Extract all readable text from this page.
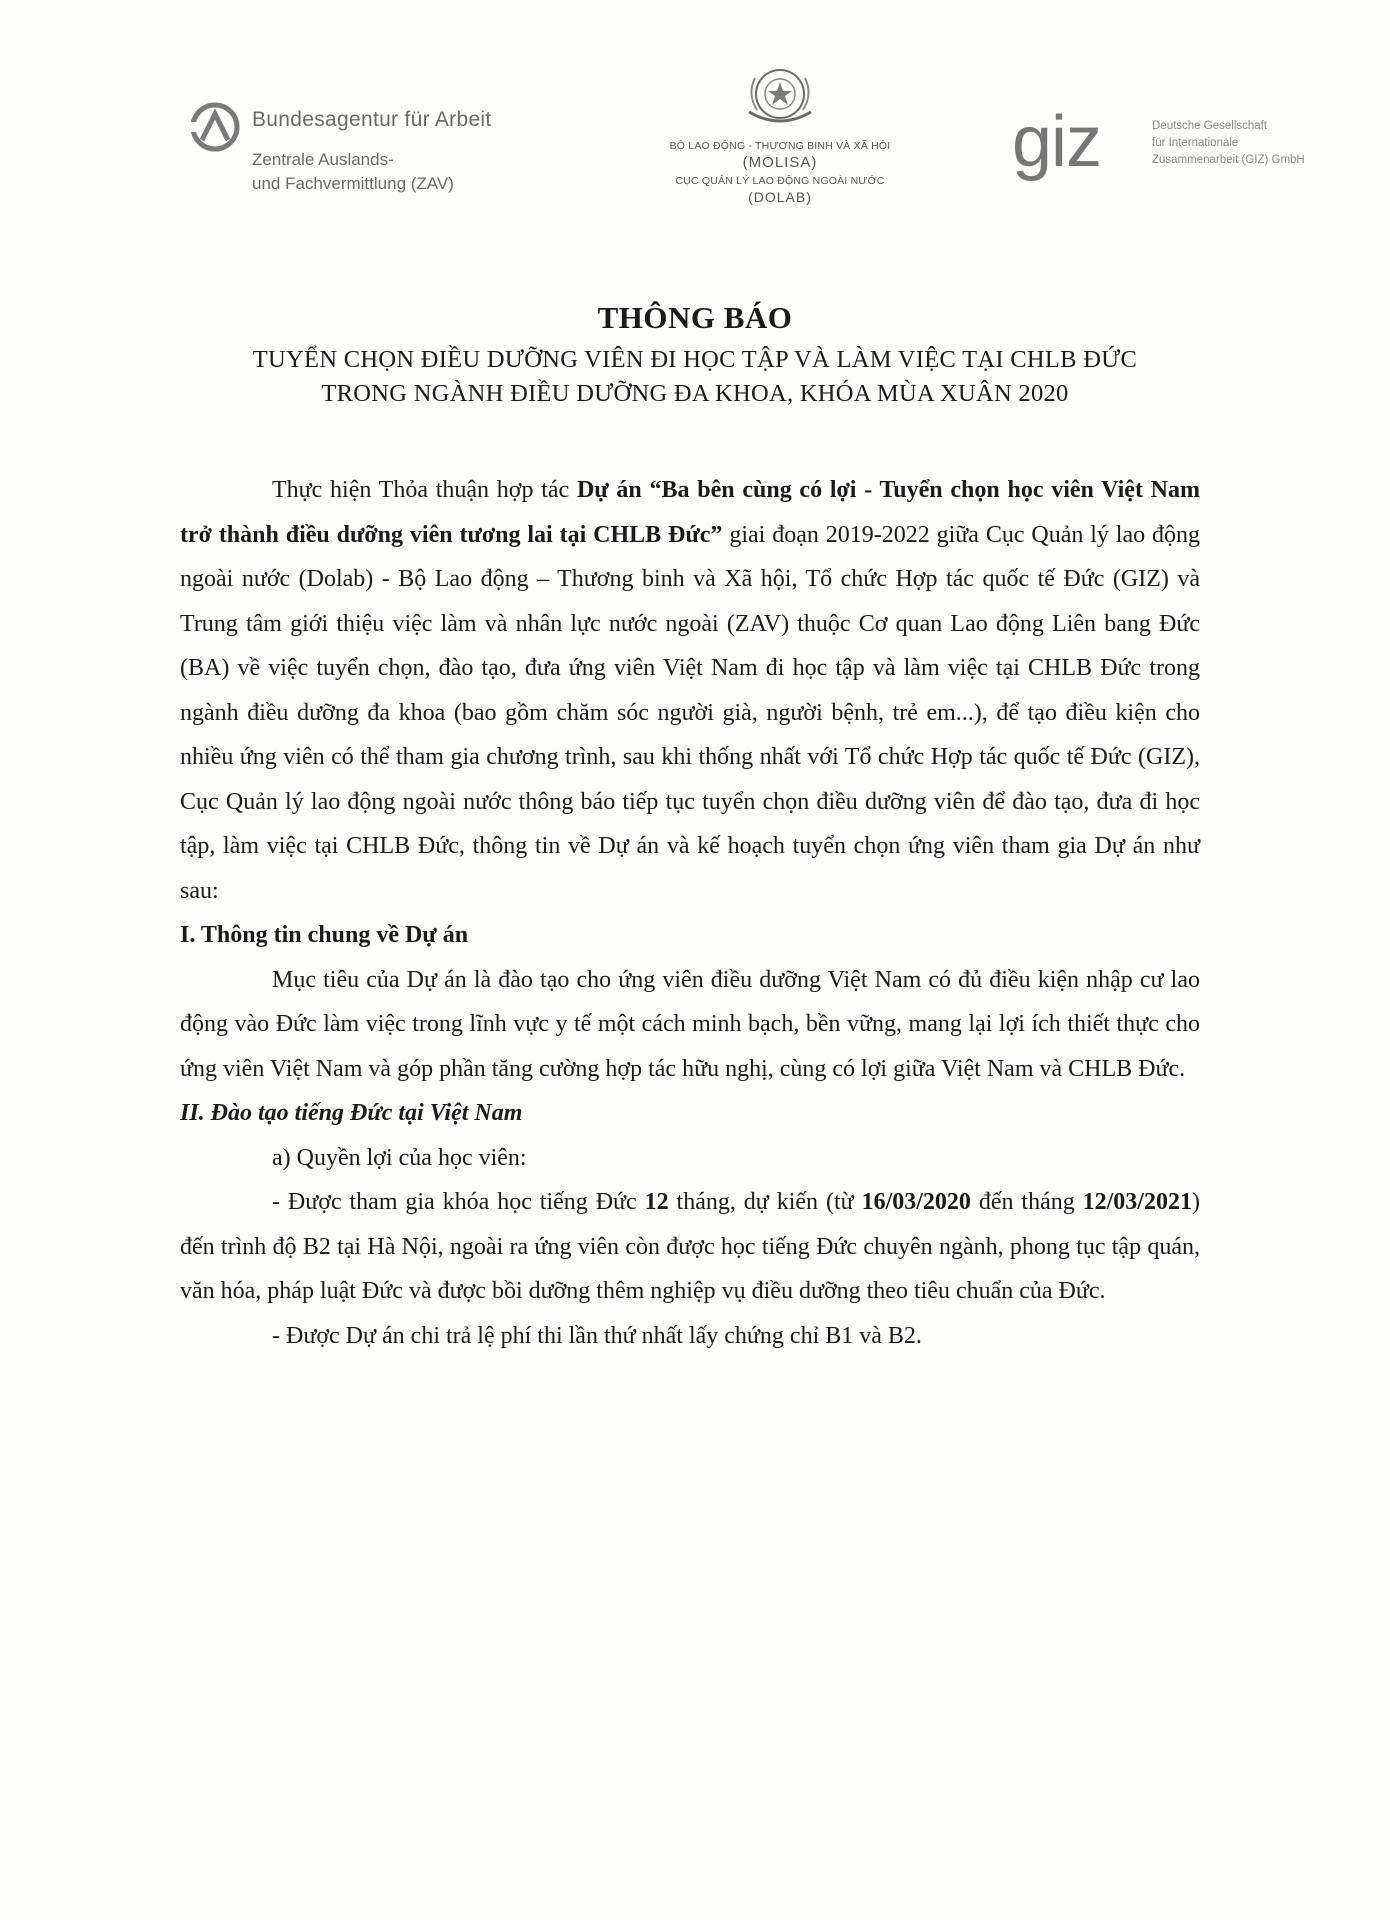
Bundesagentur für Arbeit
Zentrale Auslands-
und Fachvermittlung (ZAV)
BỘ LAO ĐỘNG - THƯƠNG BINH VÀ XÃ HỘI
(MOLISA)
CỤC QUẢN LÝ LAO ĐỘNG NGOÀI NƯỚC
(DOLAB)
giz	Deutsche Gesellschaft
für Internationale
Zusammenarbeit (GIZ) GmbH
THÔNG BÁO
TUYỂN CHỌN ĐIỀU DƯỠNG VIÊN ĐI HỌC TẬP VÀ LÀM VIỆC TẠI CHLB ĐỨC
TRONG NGÀNH ĐIỀU DƯỠNG ĐA KHOA, KHÓA MÙA XUÂN 2020

Thực hiện Thỏa thuận hợp tác Dự án “Ba bên cùng có lợi - Tuyển chọn học viên Việt Nam trở thành điều dưỡng viên tương lai tại CHLB Đức” giai đoạn 2019-2022 giữa Cục Quản lý lao động ngoài nước (Dolab) - Bộ Lao động – Thương binh và Xã hội, Tổ chức Hợp tác quốc tế Đức (GIZ) và Trung tâm giới thiệu việc làm và nhân lực nước ngoài (ZAV) thuộc Cơ quan Lao động Liên bang Đức (BA) về việc tuyển chọn, đào tạo, đưa ứng viên Việt Nam đi học tập và làm việc tại CHLB Đức trong ngành điều dưỡng đa khoa (bao gồm chăm sóc người già, người bệnh, trẻ em...), để tạo điều kiện cho nhiều ứng viên có thể tham gia chương trình, sau khi thống nhất với Tổ chức Hợp tác quốc tế Đức (GIZ), Cục Quản lý lao động ngoài nước thông báo tiếp tục tuyển chọn điều dưỡng viên để đào tạo, đưa đi học tập, làm việc tại CHLB Đức, thông tin về Dự án và kế hoạch tuyển chọn ứng viên tham gia Dự án như sau:

I. Thông tin chung về Dự án

Mục tiêu của Dự án là đào tạo cho ứng viên điều dưỡng Việt Nam có đủ điều kiện nhập cư lao động vào Đức làm việc trong lĩnh vực y tế một cách minh bạch, bền vững, mang lại lợi ích thiết thực cho ứng viên Việt Nam và góp phần tăng cường hợp tác hữu nghị, cùng có lợi giữa Việt Nam và CHLB Đức.

II. Đào tạo tiếng Đức tại Việt Nam

a) Quyền lợi của học viên:

- Được tham gia khóa học tiếng Đức 12 tháng, dự kiến (từ 16/03/2020 đến tháng 12/03/2021) đến trình độ B2 tại Hà Nội, ngoài ra ứng viên còn được học tiếng Đức chuyên ngành, phong tục tập quán, văn hóa, pháp luật Đức và được bồi dưỡng thêm nghiệp vụ điều dưỡng theo tiêu chuẩn của Đức.

- Được Dự án chi trả lệ phí thi lần thứ nhất lấy chứng chỉ B1 và B2.
